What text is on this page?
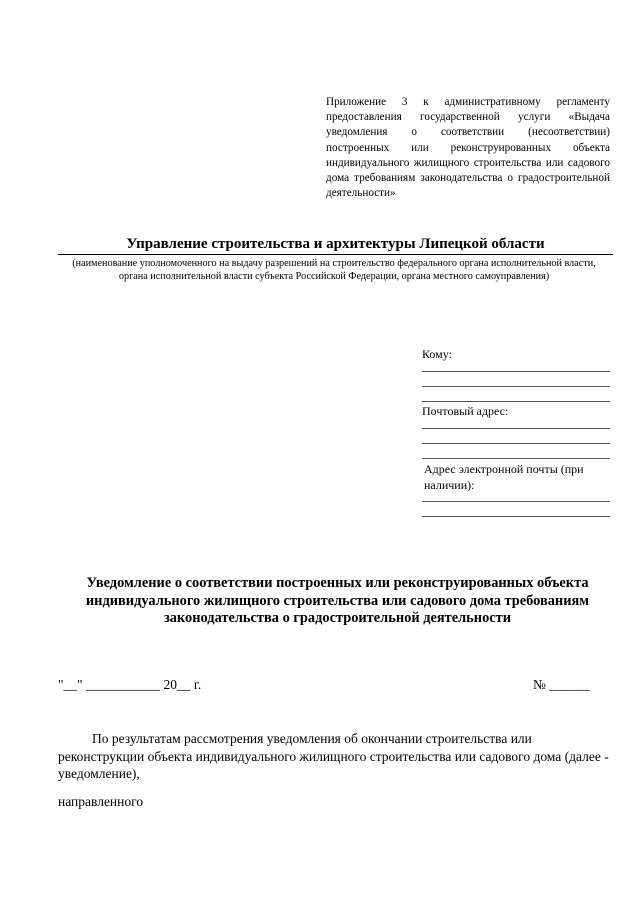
Приложение 3 к административному регламенту предоставления государственной услуги «Выдача уведомления о соответствии (несоответствии) построенных или реконструированных объекта индивидуального жилищного строительства или садового дома требованиям законодательства о градостроительной деятельности»

Управление строительства и архитектуры Липецкой области
(наименование уполномоченного на выдачу разрешений на строительство федерального органа исполнительной власти, органа исполнительной власти субъекта Российской Федерации, органа местного самоуправления)
Кому:
Почтовый адрес:
Адрес электронной почты (при наличии):
Уведомление о соответствии построенных или реконструированных объекта индивидуального жилищного строительства или садового дома требованиям законодательства о градостроительной деятельности
"__" ___________ 20__ г.	№ ______

По результатам рассмотрения уведомления об окончании строительства или реконструкции объекта индивидуального жилищного строительства или садового дома (далее - уведомление),

направленного
